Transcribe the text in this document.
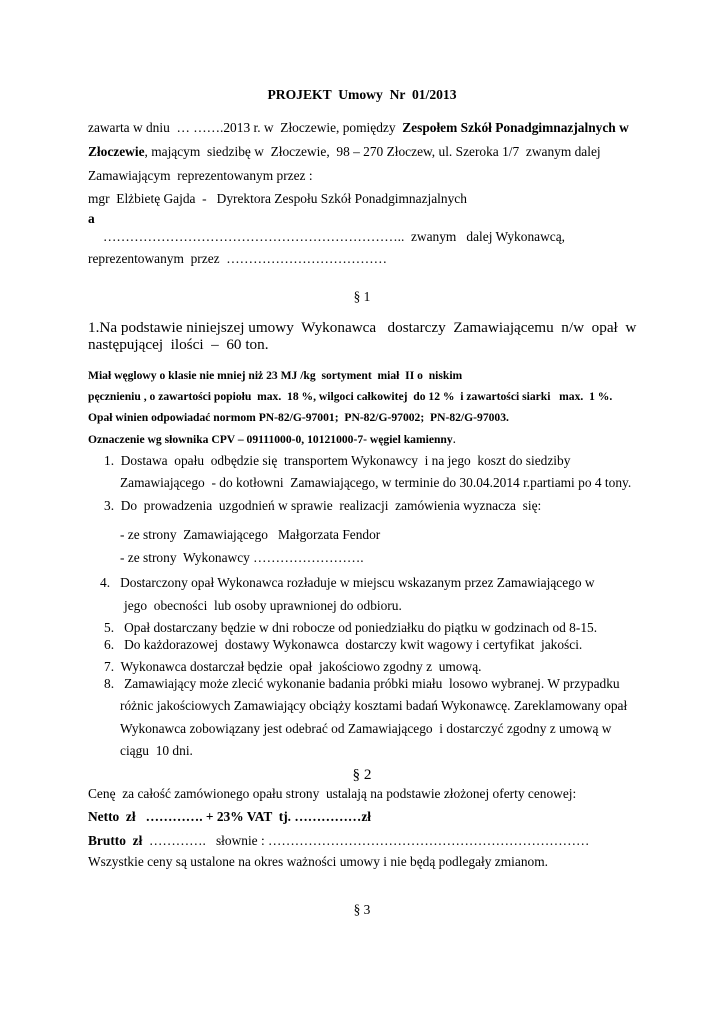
PROJEKT  Umowy  Nr  01/2013
zawarta w dniu  … …….2013 r. w  Złoczewie, pomiędzy  Zespołem Szkół Ponadgimnazjalnych w
Złoczewie, mającym  siedzibę w  Złoczewie,  98 – 270 Złoczew, ul. Szeroka 1/7  zwanym dalej
Zamawiającym  reprezentowanym przez :
mgr  Elżbietę Gajda  -   Dyrektora Zespołu Szkół Ponadgimnazjalnych
a
…………………………………………………………..  zwanym   dalej Wykonawcą,
reprezentowanym  przez  ………………………………
§ 1
1.Na podstawie niniejszej umowy  Wykonawca   dostarczy  Zamawiającemu  n/w  opał  w
następującej  ilości  –  60 ton.
Miał węglowy o klasie nie mniej niż 23 MJ /kg  sortyment  miał  II o  niskim
pęcznieniu , o zawartości popiołu  max.  18 %, wilgoci całkowitej  do 12 %  i zawartości siarki   max.  1 %.
Opał winien odpowiadać normom PN-82/G-97001;  PN-82/G-97002;  PN-82/G-97003.
Oznaczenie wg słownika CPV – 09111000-0, 10121000-7- węgiel kamienny.
1.  Dostawa  opału  odbędzie się  transportem Wykonawcy  i na jego  koszt do siedziby
Zamawiającego  - do kotłowni  Zamawiającego, w terminie do 30.04.2014 r.partiami po 4 tony.
3.  Do  prowadzenia  uzgodnień w sprawie  realizacji  zamówienia wyznacza  się:
- ze strony  Zamawiającego   Małgorzata Fendor
- ze strony  Wykonawcy …………………….
4.   Dostarczony opał Wykonawca rozładuje w miejscu wskazanym przez Zamawiającego w
jego  obecności  lub osoby uprawnionej do odbioru.
5.   Opał dostarczany będzie w dni robocze od poniedziałku do piątku w godzinach od 8-15.
6.   Do każdorazowej  dostawy Wykonawca  dostarczy kwit wagowy i certyfikat  jakości.
7.  Wykonawca dostarczał będzie  opał  jakościowo zgodny z  umową.
8.   Zamawiający może zlecić wykonanie badania próbki miału  losowo wybranej. W przypadku
różnic jakościowych Zamawiający obciąży kosztami badań Wykonawcę. Zareklamowany opał
Wykonawca zobowiązany jest odebrać od Zamawiającego  i dostarczyć zgodny z umową w
ciągu  10 dni.
§ 2
Cenę  za całość zamówionego opału strony  ustalają na podstawie złożonej oferty cenowej:
Netto  zł   …………. + 23% VAT  tj. ……………zł
Brutto  zł  ………….   słownie : ………………………………………………………………
Wszystkie ceny są ustalone na okres ważności umowy i nie będą podlegały zmianom.
§ 3
